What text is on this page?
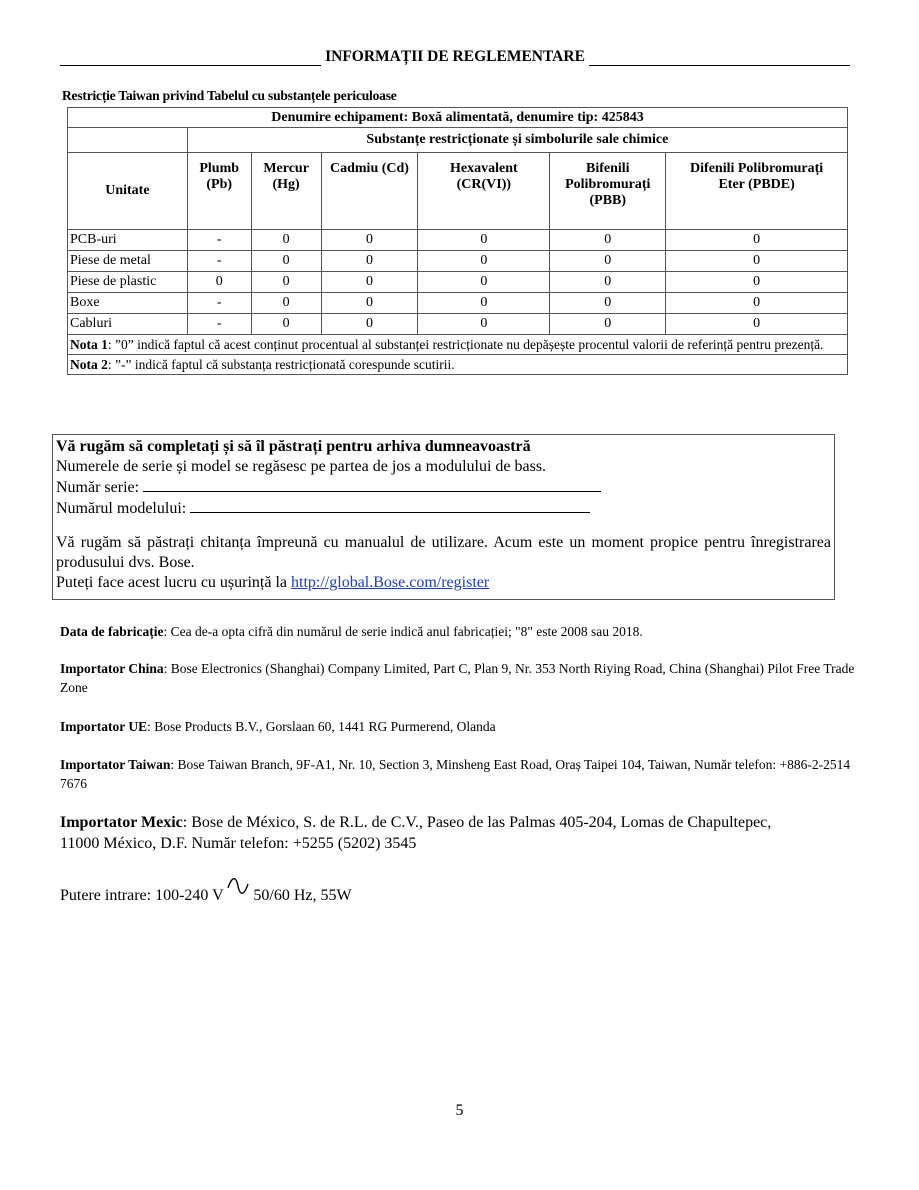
INFORMAȚII DE REGLEMENTARE
Restricție Taiwan privind Tabelul cu substanțele periculoase
Denumire echipament: Boxă alimentată, denumire tip: 425843						
	Substanțe restricționate și simbolurile sale chimice					
Unitate	Plumb (Pb)	Mercur (Hg)	Cadmiu (Cd)	Hexavalent (CR(VI))	Bifenili Polibromurați (PBB)	Difenili Polibromurați Eter (PBDE)
PCB-uri	-	0	0	0	0	0
Piese de metal	-	0	0	0	0	0
Piese de plastic	0	0	0	0	0	0
Boxe	-	0	0	0	0	0
Cabluri	-	0	0	0	0	0
Nota 1: ”0” indică faptul că acest conținut procentual al substanței restricționate nu depășește procentul valorii de referință pentru prezență.						
Nota 2: ”-” indică faptul că substanța restricționată corespunde scutirii.						
Vă rugăm să completați și să îl păstrați pentru arhiva dumneavoastră
Numerele de serie și model se regăsesc pe partea de jos a modulului de bass.
Număr serie:
Numărul modelului:
Vă rugăm să păstrați chitanța împreună cu manualul de utilizare. Acum este un moment propice pentru înregistrarea produsului dvs. Bose.
Puteți face acest lucru cu ușurință la http://global.Bose.com/register
Data de fabricație: Cea de-a opta cifră din numărul de serie indică anul fabricației; "8" este 2008 sau 2018.
Importator China: Bose Electronics (Shanghai) Company Limited, Part C, Plan 9, Nr. 353 North Riying Road, China (Shanghai) Pilot Free Trade Zone
Importator UE: Bose Products B.V., Gorslaan 60, 1441 RG Purmerend, Olanda
Importator Taiwan: Bose Taiwan Branch, 9F-A1, Nr. 10, Section 3, Minsheng East Road, Oraș Taipei 104, Taiwan, Număr telefon: +886-2-2514 7676
Importator Mexic: Bose de México, S. de R.L. de C.V., Paseo de las Palmas 405-204, Lomas de Chapultepec, 11000 México, D.F. Număr telefon: +5255 (5202) 3545
Putere intrare: 100-240 V 50/60 Hz, 55W
5
